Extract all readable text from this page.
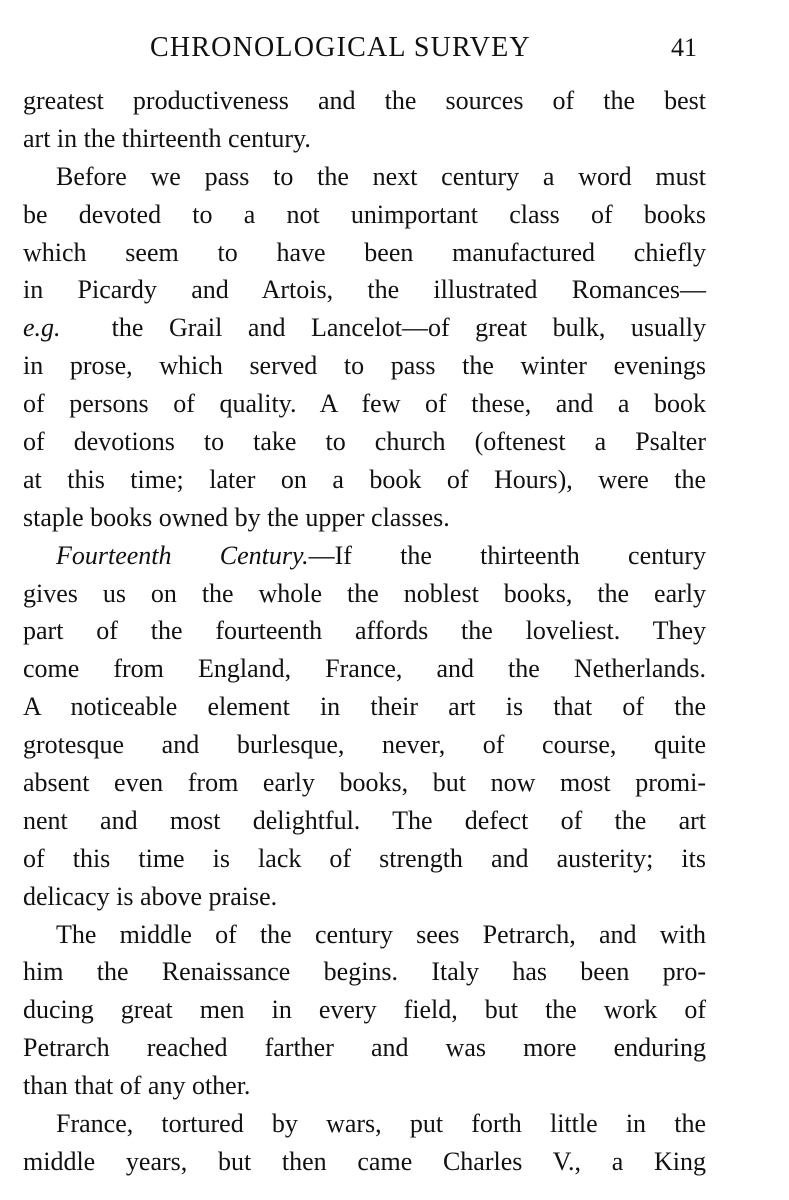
CHRONOLOGICAL SURVEY	41

greatest productiveness and the sources of the best
art in the thirteenth century.

Before we pass to the next century a word must
be devoted to a not unimportant class of books
which seem to have been manufactured chiefly
in Picardy and Artois, the illustrated Romances—
e.g. the Grail and Lancelot—of great bulk, usually
in prose, which served to pass the winter evenings
of persons of quality. A few of these, and a book
of devotions to take to church (oftenest a Psalter
at this time; later on a book of Hours), were the
staple books owned by the upper classes.

Fourteenth Century.—If the thirteenth century
gives us on the whole the noblest books, the early
part of the fourteenth affords the loveliest. They
come from England, France, and the Netherlands.
A noticeable element in their art is that of the
grotesque and burlesque, never, of course, quite
absent even from early books, but now most promi-
nent and most delightful. The defect of the art
of this time is lack of strength and austerity; its
delicacy is above praise.

The middle of the century sees Petrarch, and with
him the Renaissance begins. Italy has been pro-
ducing great men in every field, but the work of
Petrarch reached farther and was more enduring
than that of any other.

France, tortured by wars, put forth little in the
middle years, but then came Charles V., a King
